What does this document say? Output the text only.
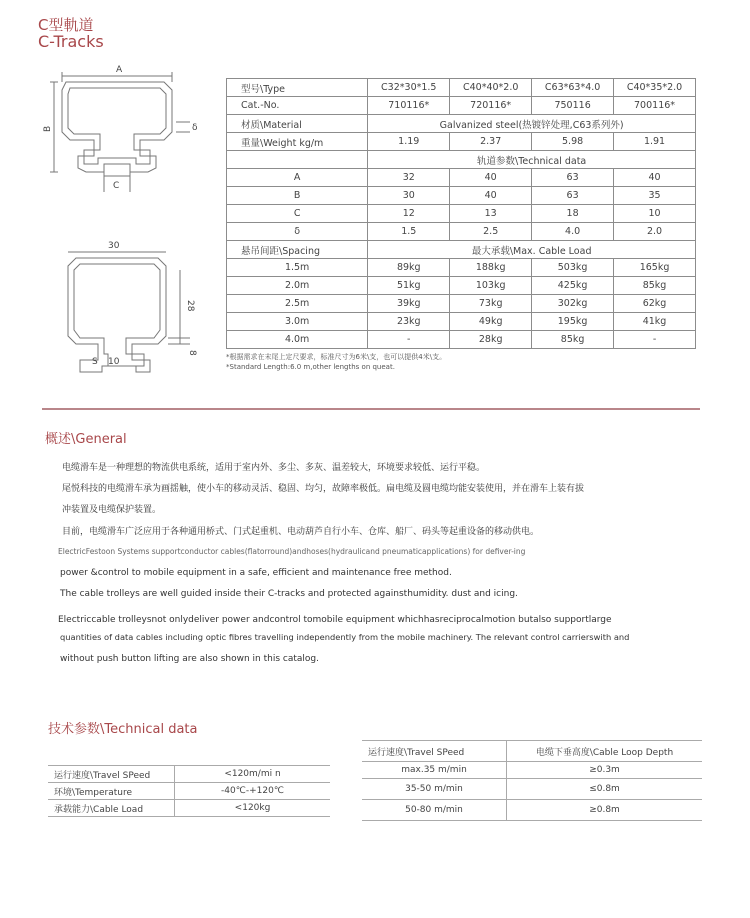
C型軌道
C-Tracks
A
B
C
δ
30
28
8
S 10
型号\Type	C32*30*1.5	C40*40*2.0	C63*63*4.0	C40*35*2.0
Cat.-No.	710116*	720116*	750116	700116*
材质\Material	Galvanized steel(热镀锌处理,C63系列外)			
重量\Weight kg/m	1.19	2.37	5.98	1.91
	轨道参数\Technical data			
A	32	40	63	40
B	30	40	63	35
C	12	13	18	10
δ	1.5	2.5	4.0	2.0
悬吊间距\Spacing	最大承载\Max. Cable Load			
1.5m	89kg	188kg	503kg	165kg
2.0m	51kg	103kg	425kg	85kg
2.5m	39kg	73kg	302kg	62kg
3.0m	23kg	49kg	195kg	41kg
4.0m	-	28kg	85kg	-
*根据需求在末尾上定尺要求，标准尺寸为6米\支，也可以提供4米\支。
*Standard Length:6.0 m,other lengths on queat.
概述\General
电缆滑车是一种理想的物流供电系统，适用于室内外、多尘、多灰、温差较大，环境要求较低、运行平稳。
尾悦科技的电缆滑车承为画揺触，使小车的移动灵活、稳固、均匀，故障率极低。扁电缆及圆电缆均能安装使用，并在滑车上装有拔
冲装置及电缆保护装置。
目前，电缆滑车广泛应用于各种通用桥式、门式起重机、电动葫芦自行小车、仓库、船厂、码头等起重设备的移动供电。
ElectricFestoon Systems supportconductor cables(flatorround)andhoses(hydraulicand pneumaticapplications) for defiver-ing
power &control to mobile equipment in a safe, efficient and maintenance free method.
The cable trolleys are well guided inside their C-tracks and protected againsthumidity. dust and icing.
Electriccable trolleysnot onlydeliver power andcontrol tomobile equipment whichhasreciprocalmotion butalso supportlarge
quantities of data cables including optic fibres travelling independently from the mobile machinery. The relevant control carrierswith and
without push button lifting are also shown in this catalog.
技术参数\Technical data
运行速度\Travel SPeed	<120m/mi n
环境\Temperature	-40℃-+120℃
承载能力\Cable Load	<120kg
运行速度\Travel SPeed	电缆下垂高度\Cable Loop Depth
max.35 m/min	≥0.3m
35-50 m/min	≤0.8m
50-80 m/min	≥0.8m
